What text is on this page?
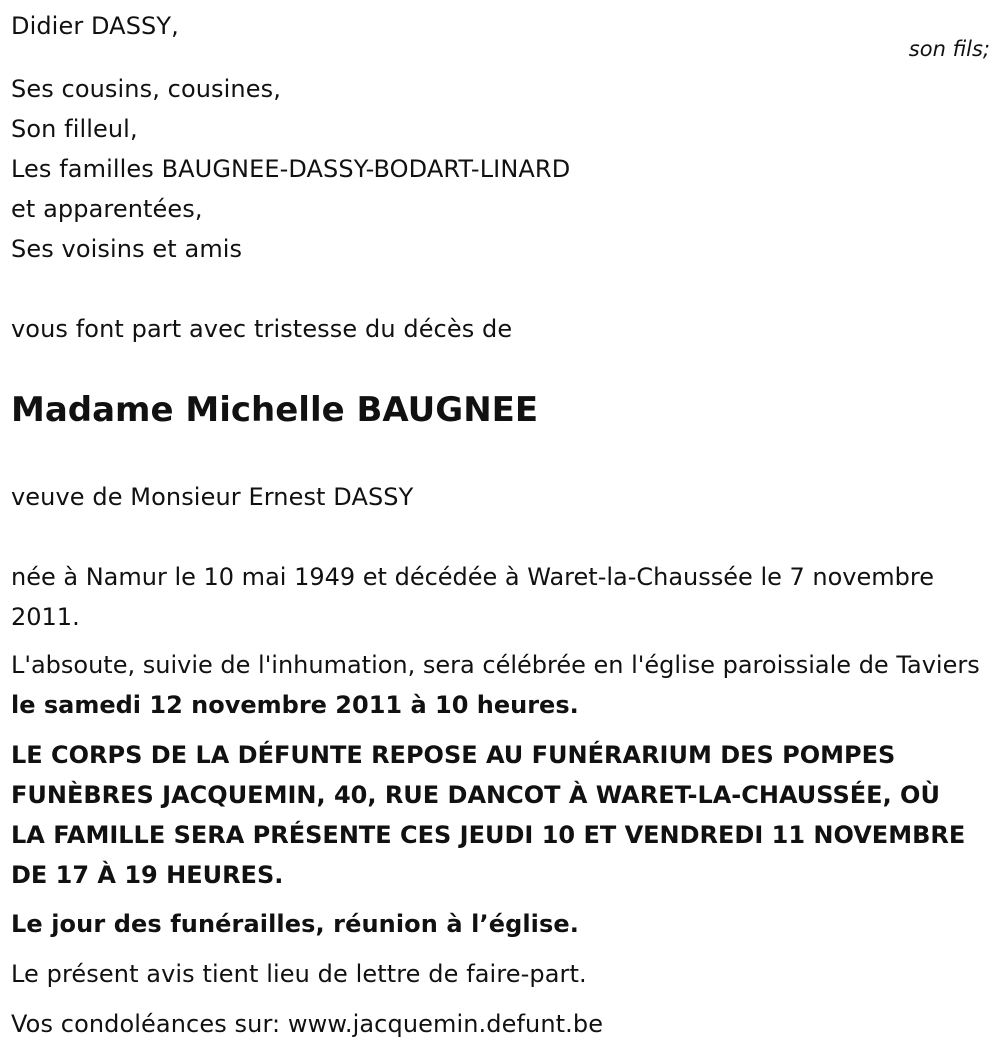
Didier DASSY,
son fils;
Ses cousins, cousines,
Son filleul,
Les familles BAUGNEE-DASSY-BODART-LINARD
et apparentées,
Ses voisins et amis
vous font part avec tristesse du décès de
Madame Michelle BAUGNEE
veuve de Monsieur Ernest DASSY

née à Namur le 10 mai 1949 et décédée à Waret-la-Chaussée le 7 novembre 2011.

L'absoute, suivie de l'inhumation, sera célébrée en l'église paroissiale de Taviers le samedi 12 novembre 2011 à 10 heures.

LE CORPS DE LA DÉFUNTE REPOSE AU FUNÉRARIUM DES POMPES FUNÈBRES JACQUEMIN, 40, RUE DANCOT À WARET-LA-CHAUSSÉE, OÙ LA FAMILLE SERA PRÉSENTE CES JEUDI 10 ET VENDREDI 11 NOVEMBRE DE 17 À 19 HEURES.

Le jour des funérailles, réunion à l’église.
Le présent avis tient lieu de lettre de faire-part.
Vos condoléances sur: www.jacquemin.defunt.be
